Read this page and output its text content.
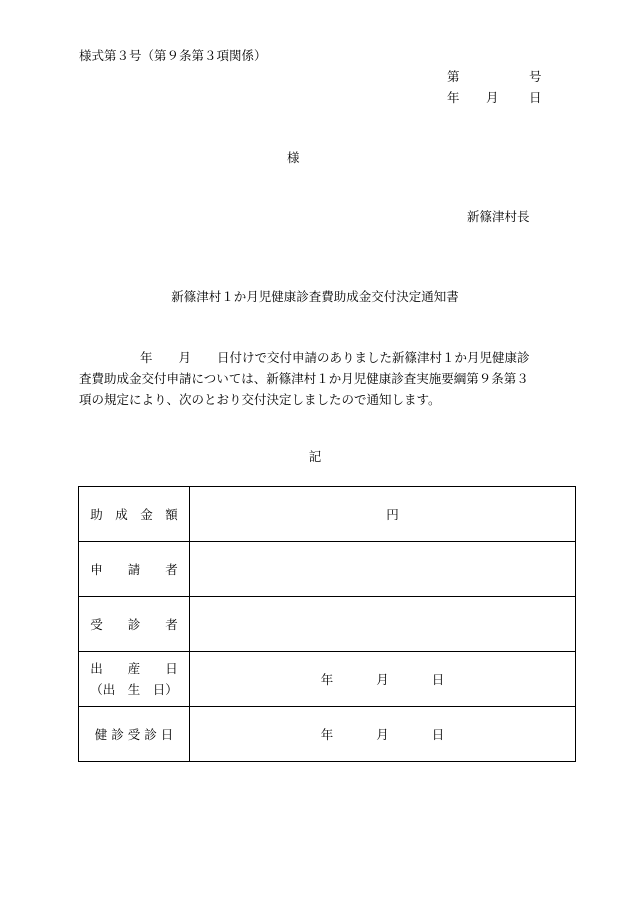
様式第３号（第９条第３項関係）
第	号
年 月 日
様
新篠津村長
新篠津村１か月児健康診査費助成金交付決定通知書
年 月 日付けで交付申請のありました新篠津村１か月児健康診
査費助成金交付申請については、新篠津村１か月児健康診査実施要綱第９条第３
項の規定により、次のとおり交付決定しましたので通知します。
記
助　成　金　額	円
申　　請　　者	
受　　診　　者	

出　　産　　日
（出　生　日）	年 月 日
健 診 受 診 日	年 月 日
